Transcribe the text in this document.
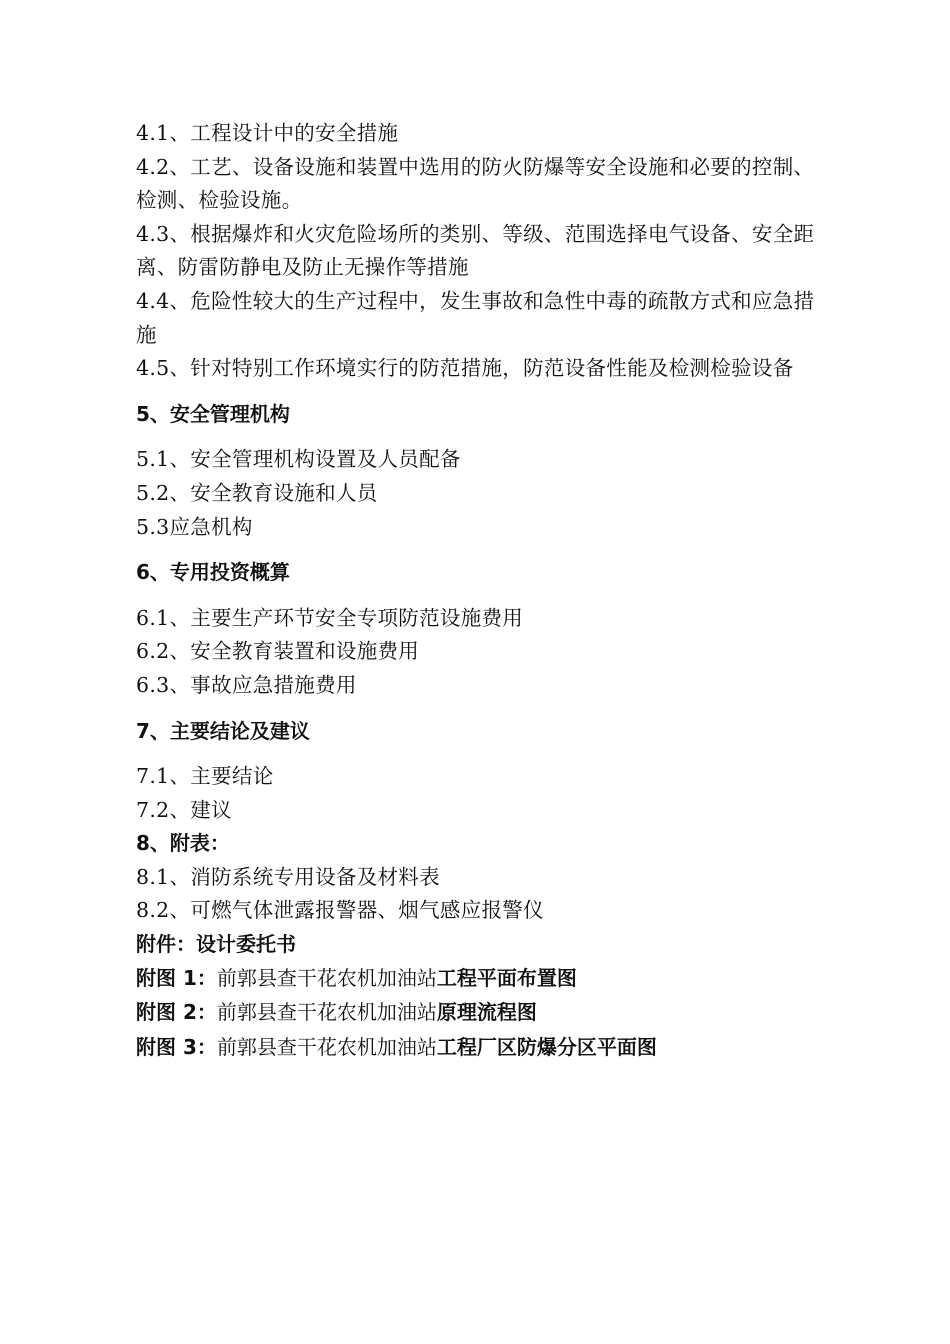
4.1、工程设计中的安全措施
4.2、工艺、设备设施和装置中选用的防火防爆等安全设施和必要的控制、检测、检验设施。
4.3、根据爆炸和火灾危险场所的类别、等级、范围选择电气设备、安全距离、防雷防静电及防止无操作等措施
4.4、危险性较大的生产过程中，发生事故和急性中毒的疏散方式和应急措施
4.5、针对特别工作环境实行的防范措施，防范设备性能及检测检验设备
5、安全管理机构
5.1、安全管理机构设置及人员配备
5.2、安全教育设施和人员
5.3应急机构
6、专用投资概算
6.1、主要生产环节安全专项防范设施费用
6.2、安全教育装置和设施费用
6.3、事故应急措施费用
7、主要结论及建议
7.1、主要结论
7.2、建议
8、附表：
8.1、消防系统专用设备及材料表
8.2、可燃气体泄露报警器、烟气感应报警仪
附件：设计委托书
附图 1：前郭县查干花农机加油站工程平面布置图
附图 2：前郭县查干花农机加油站原理流程图
附图 3：前郭县查干花农机加油站工程厂区防爆分区平面图
